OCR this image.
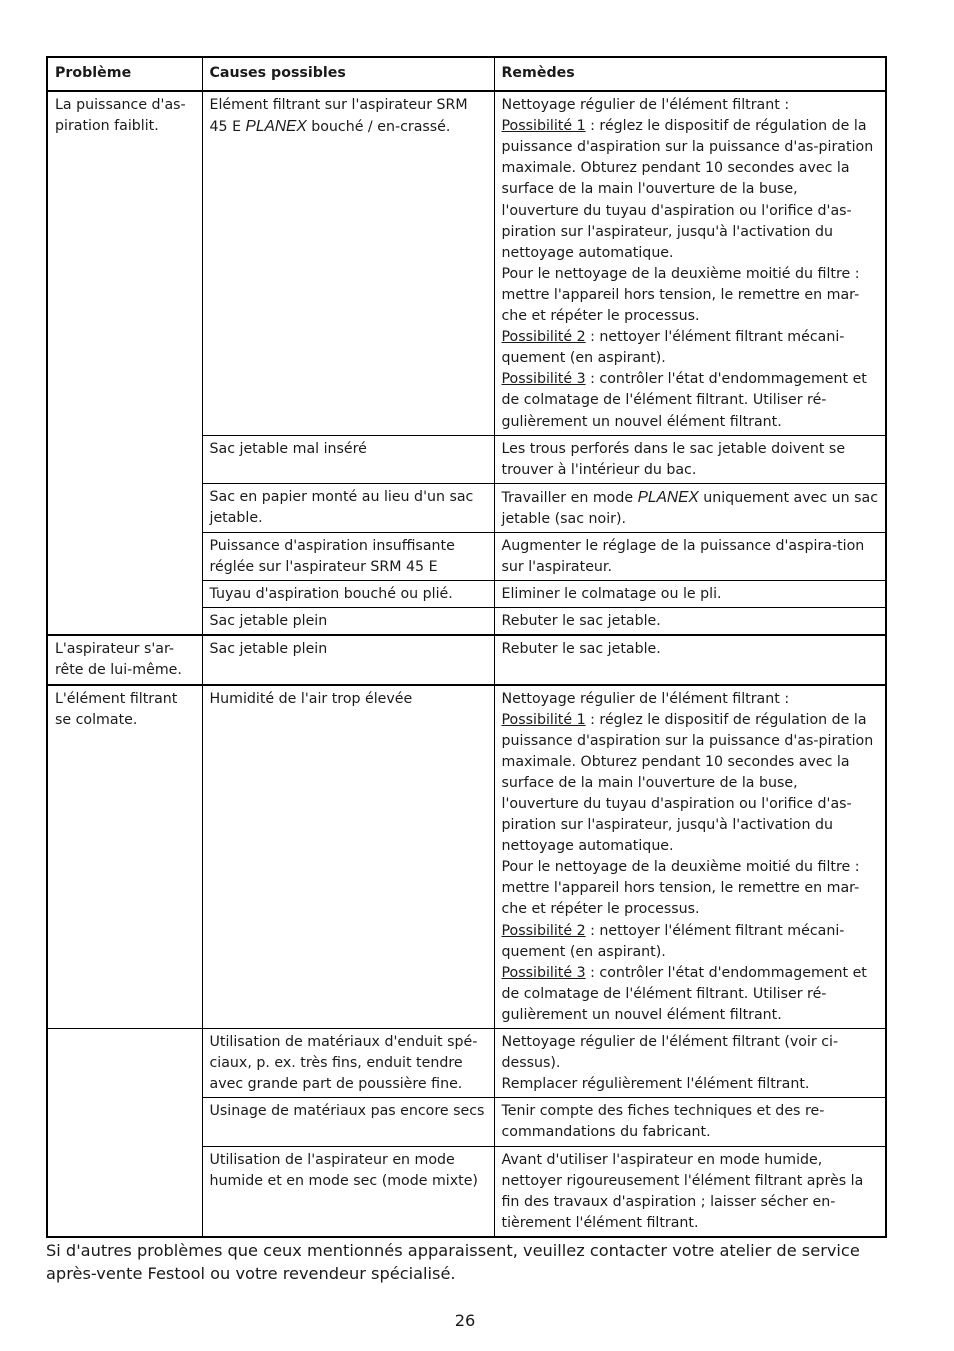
Problème	Causes possibles	Remèdes
La puissance d'as-piration faiblit.	Elément filtrant sur l'aspirateur SRM 45 E PLANEX bouché / en-crassé.	Nettoyage régulier de l'élément filtrant :
Possibilité 1 : réglez le dispositif de régulation de la puissance d'aspiration sur la puissance d'as-piration maximale. Obturez pendant 10 secondes avec la surface de la main l'ouverture de la buse, l'ouverture du tuyau d'aspiration ou l'orifice d'as-piration sur l'aspirateur, jusqu'à l'activation du nettoyage automatique.
Pour le nettoyage de la deuxième moitié du filtre : mettre l'appareil hors tension, le remettre en mar-che et répéter le processus.
Possibilité 2 : nettoyer l'élément filtrant mécani-quement (en aspirant).
Possibilité 3 : contrôler l'état d'endommagement et de colmatage de l'élément filtrant. Utiliser ré-gulièrement un nouvel élément filtrant.

	Sac jetable mal inséré	Les trous perforés dans le sac jetable doivent se trouver à l'intérieur du bac.
	Sac en papier monté au lieu d'un sac jetable.	Travailler en mode PLANEX uniquement avec un sac jetable (sac noir).
	Puissance d'aspiration insuffisante réglée sur l'aspirateur SRM 45 E	Augmenter le réglage de la puissance d'aspira-tion sur l'aspirateur.
	Tuyau d'aspiration bouché ou plié.	Eliminer le colmatage ou le pli.
	Sac jetable plein	Rebuter le sac jetable.
L'aspirateur s'ar-rête de lui-même.	Sac jetable plein	Rebuter le sac jetable.
L'élément filtrant se colmate.	Humidité de l'air trop élevée	Nettoyage régulier de l'élément filtrant :
Possibilité 1 : réglez le dispositif de régulation de la puissance d'aspiration sur la puissance d'as-piration maximale. Obturez pendant 10 secondes avec la surface de la main l'ouverture de la buse, l'ouverture du tuyau d'aspiration ou l'orifice d'as-piration sur l'aspirateur, jusqu'à l'activation du nettoyage automatique.
Pour le nettoyage de la deuxième moitié du filtre : mettre l'appareil hors tension, le remettre en mar-che et répéter le processus.
Possibilité 2 : nettoyer l'élément filtrant mécani-quement (en aspirant).
Possibilité 3 : contrôler l'état d'endommagement et de colmatage de l'élément filtrant. Utiliser ré-gulièrement un nouvel élément filtrant.

	Utilisation de matériaux d'enduit spé-ciaux, p. ex. très fins, enduit tendre avec grande part de poussière fine.	Nettoyage régulier de l'élément filtrant (voir ci-dessus).
Remplacer régulièrement l'élément filtrant.

	Usinage de matériaux pas encore secs	Tenir compte des fiches techniques et des re-commandations du fabricant.
	Utilisation de l'aspirateur en mode humide et en mode sec (mode mixte)	Avant d'utiliser l'aspirateur en mode humide, nettoyer rigoureusement l'élément filtrant après la fin des travaux d'aspiration ; laisser sécher en-tièrement l'élément filtrant.

Si d'autres problèmes que ceux mentionnés apparaissent, veuillez contacter votre atelier de service après-vente Festool ou votre revendeur spécialisé.

26
